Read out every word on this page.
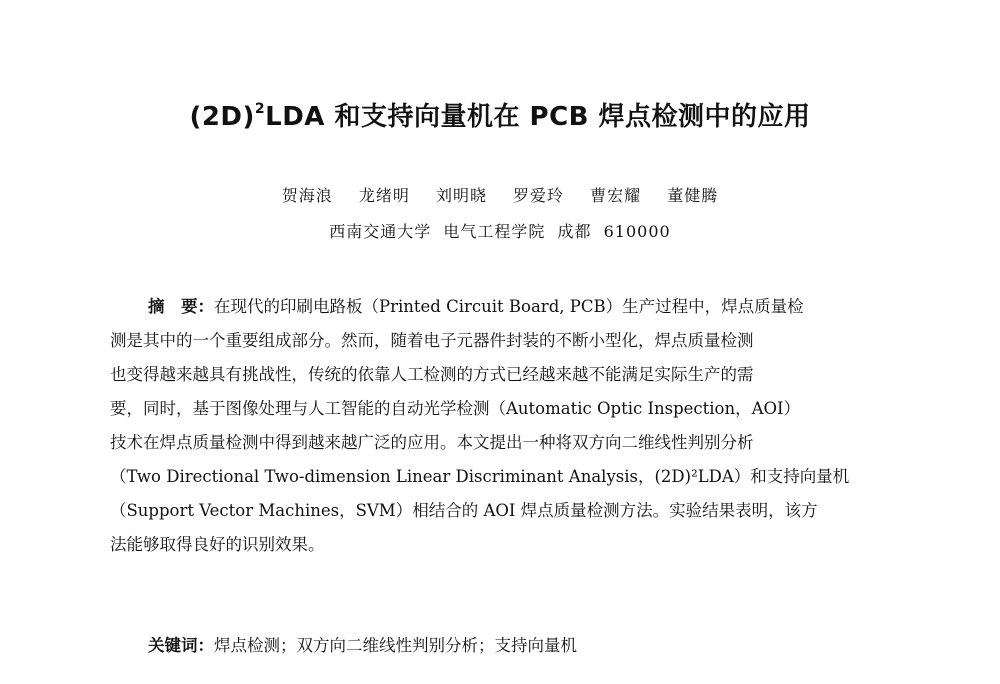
$(2D)^2LDA$ 和支持向量机在 PCB 焊点检测中的应用
贺海浪 龙绪明 刘明晓 罗爱玲 曹宏耀 董健腾
西南交通大学 电气工程学院 成都 610000
摘　要：在现代的印刷电路板（Printed Circuit Board, PCB）生产过程中，焊点质量检
测是其中的一个重要组成部分。然而，随着电子元器件封装的不断小型化，焊点质量检测
也变得越来越具有挑战性，传统的依靠人工检测的方式已经越来越不能满足实际生产的需
要，同时，基于图像处理与人工智能的自动光学检测（Automatic Optic Inspection，AOI）
技术在焊点质量检测中得到越来越广泛的应用。本文提出一种将双方向二维线性判别分析
（Two Directional Two-dimension Linear Discriminant Analysis，(2D)²LDA）和支持向量机
（Support Vector Machines，SVM）相结合的 AOI 焊点质量检测方法。实验结果表明，该方
法能够取得良好的识别效果。
关键词：焊点检测；双方向二维线性判别分析；支持向量机
